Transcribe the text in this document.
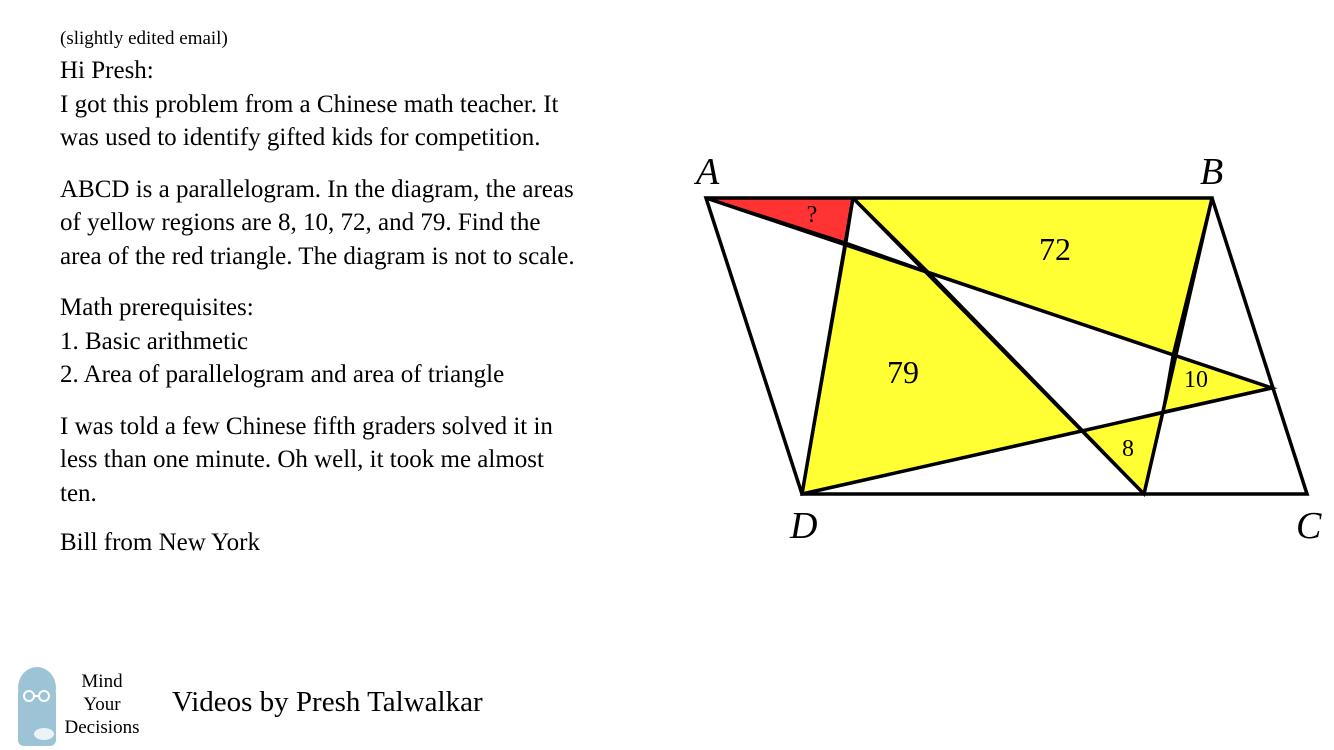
(slightly edited email)

Hi Presh:

I got this problem from a Chinese math teacher. It

was used to identify gifted kids for competition.

ABCD is a parallelogram. In the diagram, the areas

of yellow regions are 8, 10, 72, and 79. Find the

area of the red triangle. The diagram is not to scale.

Math prerequisites:

1. Basic arithmetic

2. Area of parallelogram and area of triangle

I was told a few Chinese fifth graders solved it in

less than one minute. Oh well, it took me almost

ten.

Bill from New York

A	B
D	C
?
72
79	10
8
Mind
Your
Decisions
Videos by Presh Talwalkar
